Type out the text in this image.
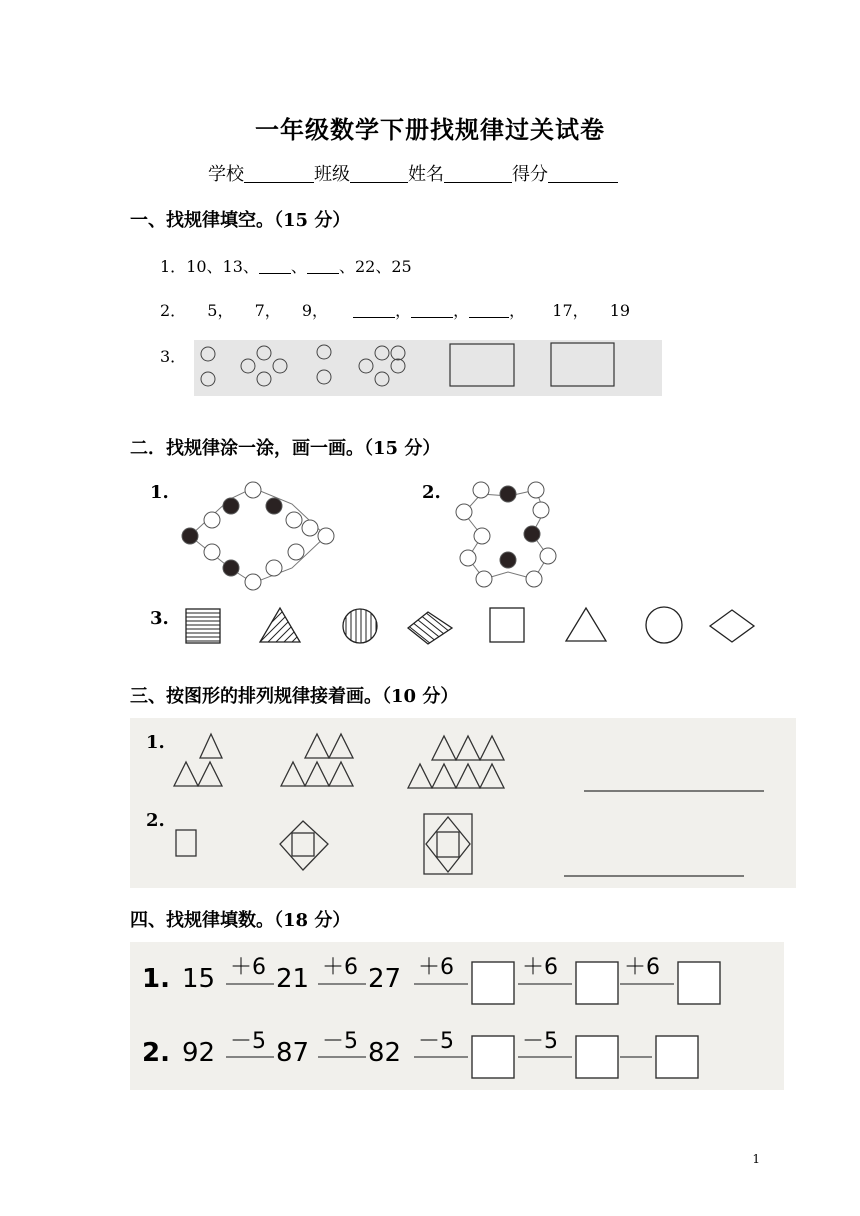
一年级数学下册找规律过关试卷
学校	班级	姓名	得分
一、找规律填空。（15 分）
1．10、13、 、 、22、25
2． 5， 7， 9，	，	，	， 17， 19
3．
二．找规律涂一涂，画一画。（15 分）
1.	2.
3.
三、按图形的排列规律接着画。（10 分）
1.
2.
四、找规律填数。（18 分）
1. 15 ＋6 21 ＋6 27 ＋6	＋6	＋6
2. 92 －5 87 －5 82 －5	－5
1
